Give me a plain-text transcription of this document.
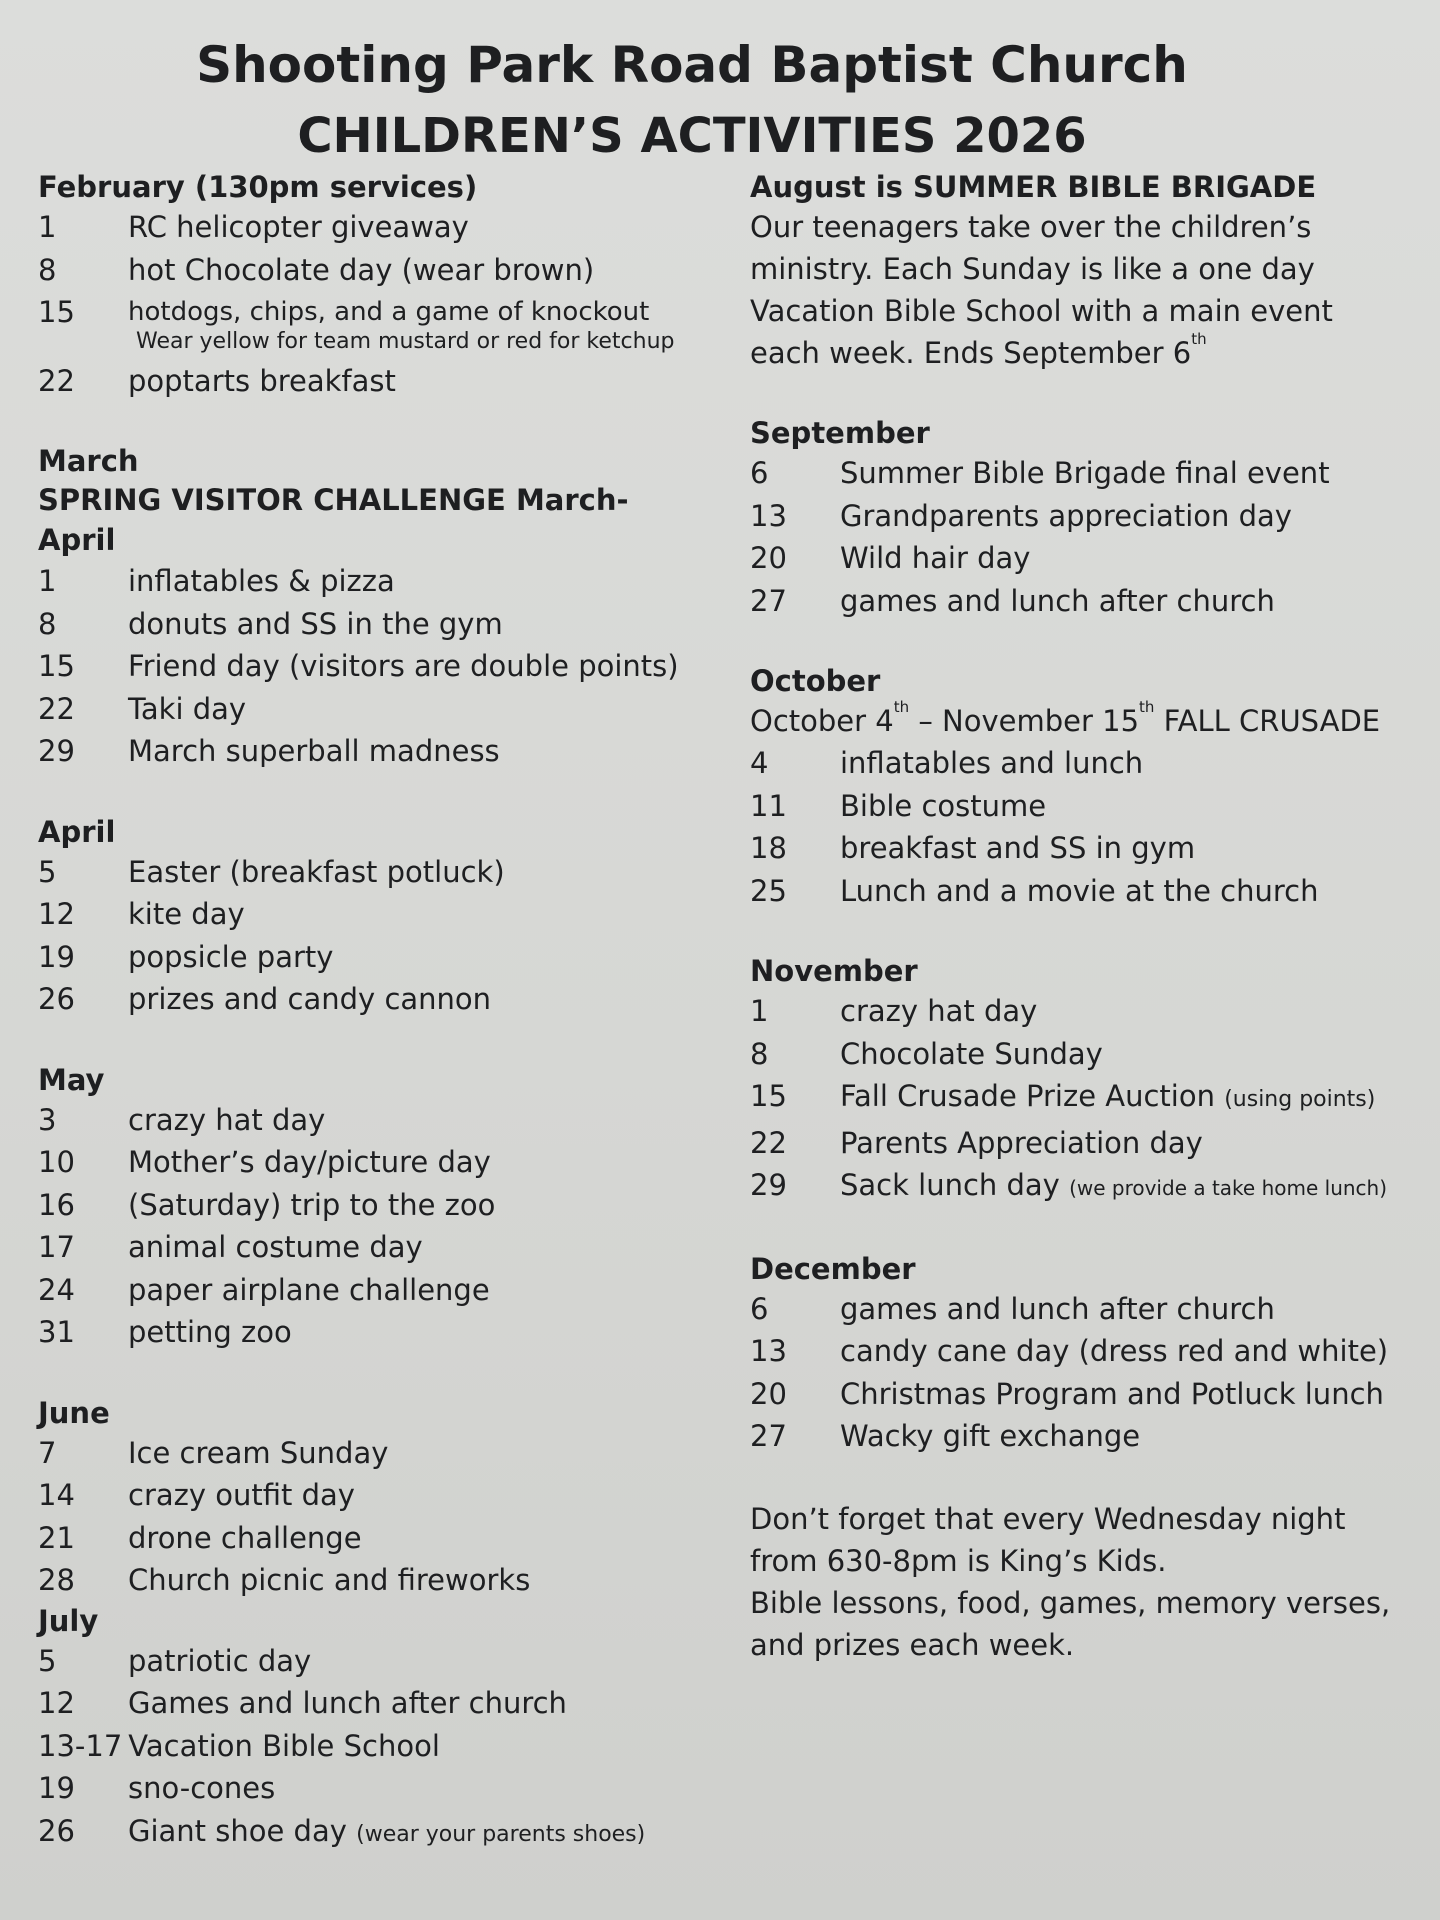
Shooting Park Road Baptist Church
CHILDREN’S ACTIVITIES 2026

February (130pm services)

1	RC helicopter giveaway
8	hot Chocolate day (wear brown)
15	hotdogs, chips, and a game of knockout
Wear yellow for team mustard or red for ketchup
22	poptarts breakfast

March

SPRING VISITOR CHALLENGE March-April

1	inflatables & pizza
8	donuts and SS in the gym
15	Friend day (visitors are double points)
22	Taki day
29	March superball madness

April

5	Easter (breakfast potluck)
12	kite day
19	popsicle party
26	prizes and candy cannon

May

3	crazy hat day
10	Mother’s day/picture day
16	(Saturday) trip to the zoo
17	animal costume day
24	paper airplane challenge
31	petting zoo

June

7	Ice cream Sunday
14	crazy outfit day
21	drone challenge
28	Church picnic and fireworks

July

5	patriotic day
12	Games and lunch after church
13-17 Vacation Bible School
19	sno-cones
26	Giant shoe day (wear your parents shoes)

August is SUMMER BIBLE BRIGADE

Our teenagers take over the children’s

ministry. Each Sunday is like a one day

Vacation Bible School with a main event

each week. Ends September 6th

September

6	Summer Bible Brigade final event
13	Grandparents appreciation day
20	Wild hair day
27	games and lunch after church

October

October 4th – November 15th FALL CRUSADE

4	inflatables and lunch
11	Bible costume
18	breakfast and SS in gym
25	Lunch and a movie at the church

November

1	crazy hat day
8	Chocolate Sunday
15	Fall Crusade Prize Auction (using points)
22	Parents Appreciation day
29	Sack lunch day (we provide a take home lunch)

December

6	games and lunch after church
13	candy cane day (dress red and white)
20	Christmas Program and Potluck lunch
27	Wacky gift exchange

Don’t forget that every Wednesday night

from 630-8pm is King’s Kids.

Bible lessons, food, games, memory verses,

and prizes each week.
